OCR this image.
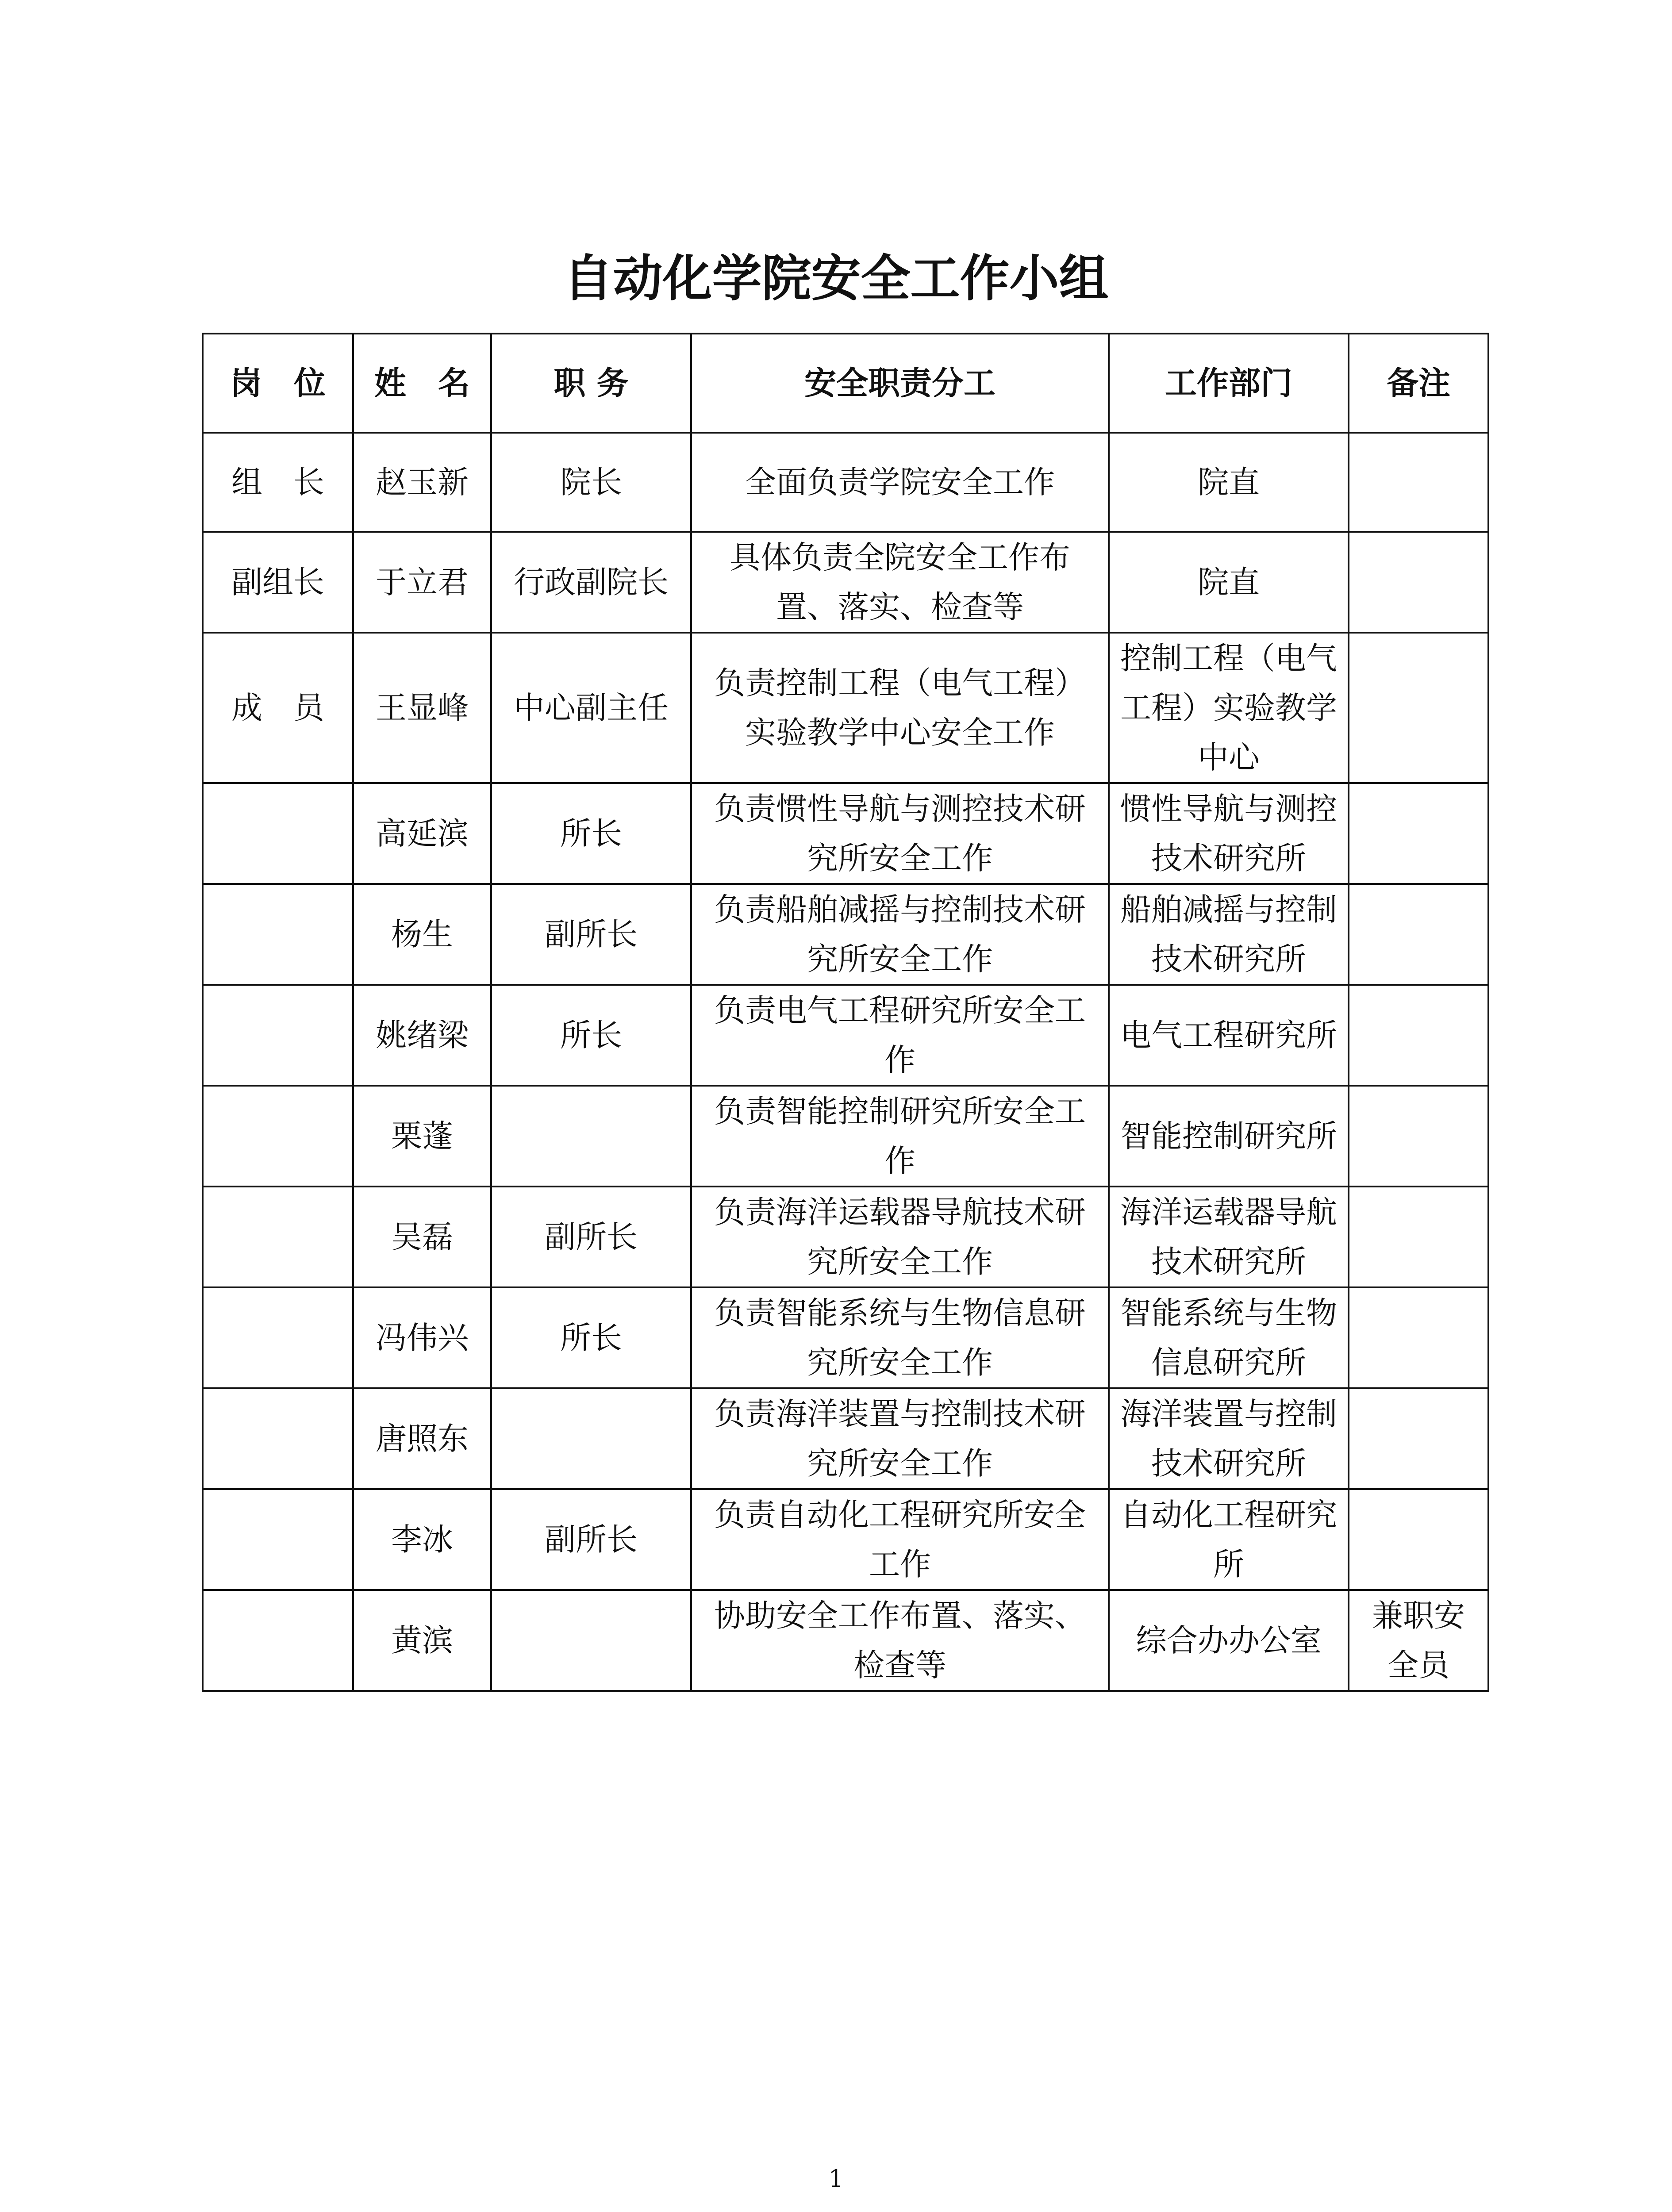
自动化学院安全工作小组
岗　位	姓　名	职 务	安全职责分工	工作部门	备注
组　长	赵玉新	院长	全面负责学院安全工作	院直	
副组长	于立君	行政副院长	具体负责全院安全工作布置、落实、检查等	院直	
成　员	王显峰	中心副主任	负责控制工程（电气工程）实验教学中心安全工作	控制工程（电气工程）实验教学中心	
	高延滨	所长	负责惯性导航与测控技术研究所安全工作	惯性导航与测控技术研究所	
	杨生	副所长	负责船舶减摇与控制技术研究所安全工作	船舶减摇与控制技术研究所	
	姚绪梁	所长	负责电气工程研究所安全工作	电气工程研究所	
	栗蓬		负责智能控制研究所安全工作	智能控制研究所	
	吴磊	副所长	负责海洋运载器导航技术研究所安全工作	海洋运载器导航技术研究所	
	冯伟兴	所长	负责智能系统与生物信息研究所安全工作	智能系统与生物信息研究所	
	唐照东		负责海洋装置与控制技术研究所安全工作	海洋装置与控制技术研究所	
	李冰	副所长	负责自动化工程研究所安全工作	自动化工程研究所	
	黄滨		协助安全工作布置、落实、检查等	综合办办公室	兼职安全员
1
